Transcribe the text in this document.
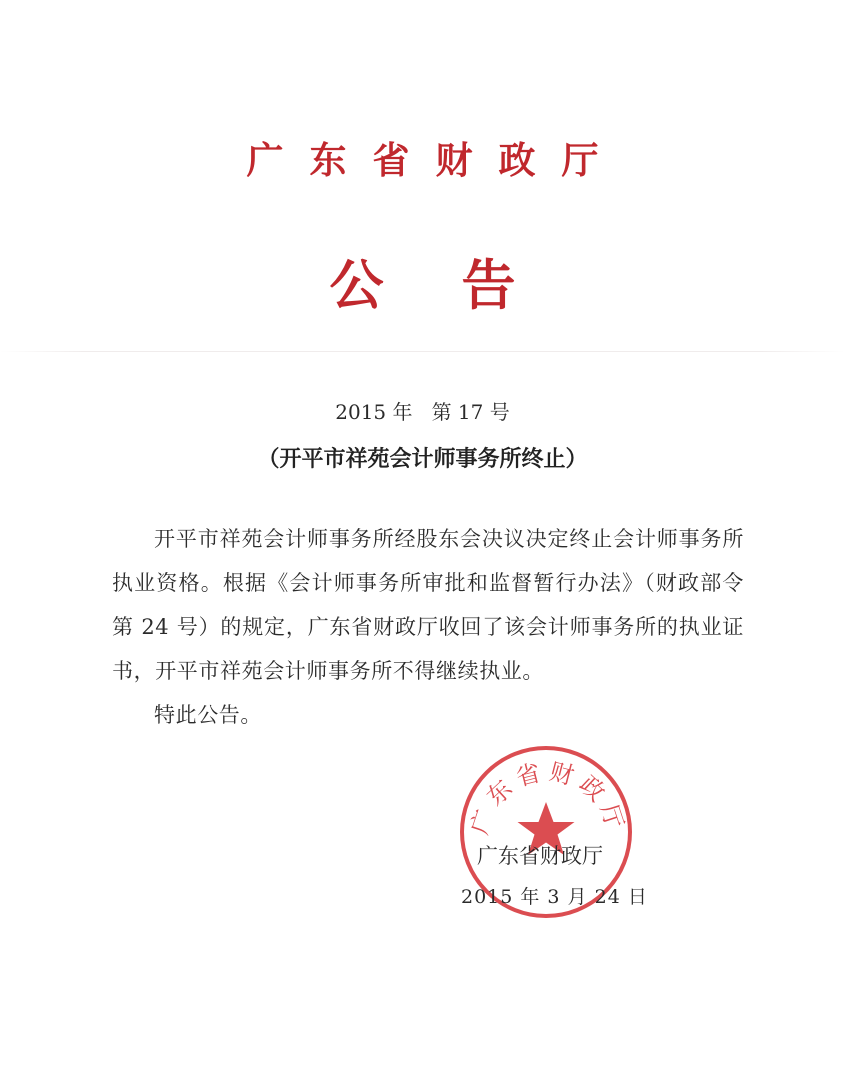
广东省财政厅
公告
2015 年   第 17 号
（开平市祥苑会计师事务所终止）

开平市祥苑会计师事务所经股东会决议决定终止会计师事务所执业资格。根据《会计师事务所审批和监督暂行办法》（财政部令第 24 号）的规定，广东省财政厅收回了该会计师事务所的执业证书，开平市祥苑会计师事务所不得继续执业。

特此公告。

广东省财政厅
广东省财政厅
2015 年 3 月 24 日
